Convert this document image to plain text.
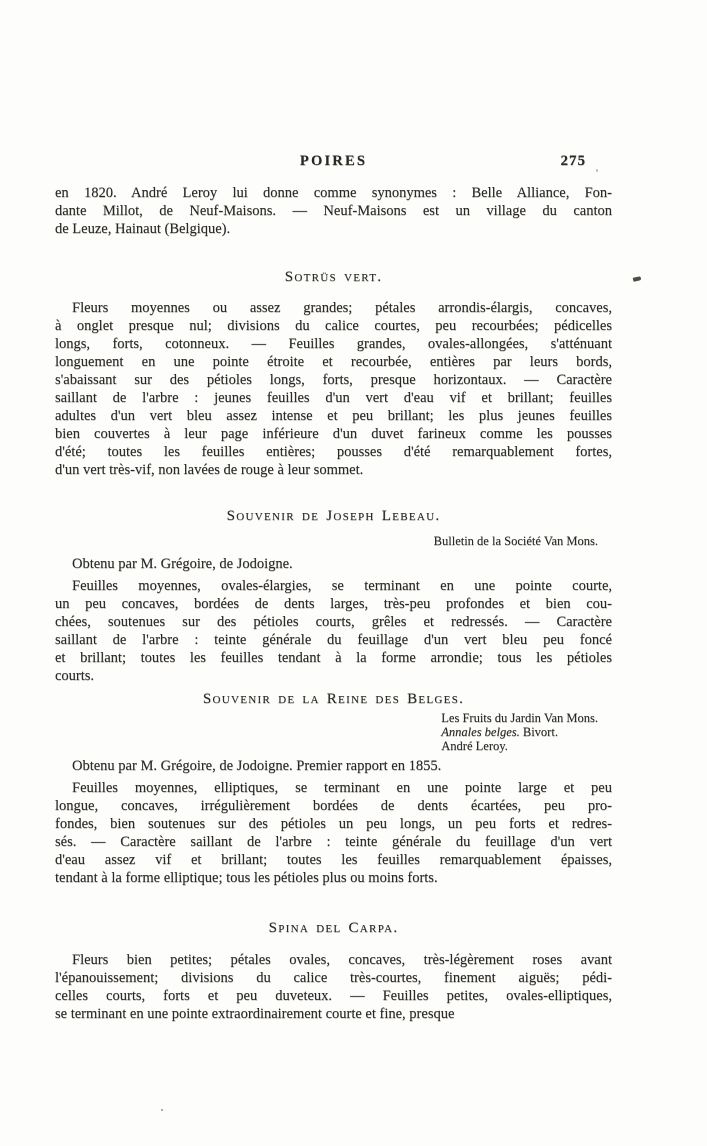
POIRES	275
en 1820. André Leroy lui donne comme synonymes : Belle Alliance, Fon-
dante Millot, de Neuf-Maisons. — Neuf-Maisons est un village du canton
de Leuze, Hainaut (Belgique).
Sotrüs vert.
Fleurs moyennes ou assez grandes; pétales arrondis-élargis, concaves,
à onglet presque nul; divisions du calice courtes, peu recourbées; pédicelles
longs, forts, cotonneux. — Feuilles grandes, ovales-allongées, s'atténuant
longuement en une pointe étroite et recourbée, entières par leurs bords,
s'abaissant sur des pétioles longs, forts, presque horizontaux. — Caractère
saillant de l'arbre : jeunes feuilles d'un vert d'eau vif et brillant; feuilles
adultes d'un vert bleu assez intense et peu brillant; les plus jeunes feuilles
bien couvertes à leur page inférieure d'un duvet farineux comme les pousses
d'été; toutes les feuilles entières; pousses d'été remarquablement fortes,
d'un vert très-vif, non lavées de rouge à leur sommet.
Souvenir de Joseph Lebeau.
Bulletin de la Société Van Mons.
Obtenu par M. Grégoire, de Jodoigne.
Feuilles moyennes, ovales-élargies, se terminant en une pointe courte,
un peu concaves, bordées de dents larges, très-peu profondes et bien cou-
chées, soutenues sur des pétioles courts, grêles et redressés. — Caractère
saillant de l'arbre : teinte générale du feuillage d'un vert bleu peu foncé
et brillant; toutes les feuilles tendant à la forme arrondie; tous les pétioles
courts.
Souvenir de la Reine des Belges.
Les Fruits du Jardin Van Mons.
Annales belges. Bivort.
André Leroy.
Obtenu par M. Grégoire, de Jodoigne. Premier rapport en 1855.
Feuilles moyennes, elliptiques, se terminant en une pointe large et peu
longue, concaves, irrégulièrement bordées de dents écartées, peu pro-
fondes, bien soutenues sur des pétioles un peu longs, un peu forts et redres-
sés. — Caractère saillant de l'arbre : teinte générale du feuillage d'un vert
d'eau assez vif et brillant; toutes les feuilles remarquablement épaisses,
tendant à la forme elliptique; tous les pétioles plus ou moins forts.
Spina del Carpa.
Fleurs bien petites; pétales ovales, concaves, très-légèrement roses avant
l'épanouissement; divisions du calice très-courtes, finement aiguës; pédi-
celles courts, forts et peu duveteux. — Feuilles petites, ovales-elliptiques,
se terminant en une pointe extraordinairement courte et fine, presque
